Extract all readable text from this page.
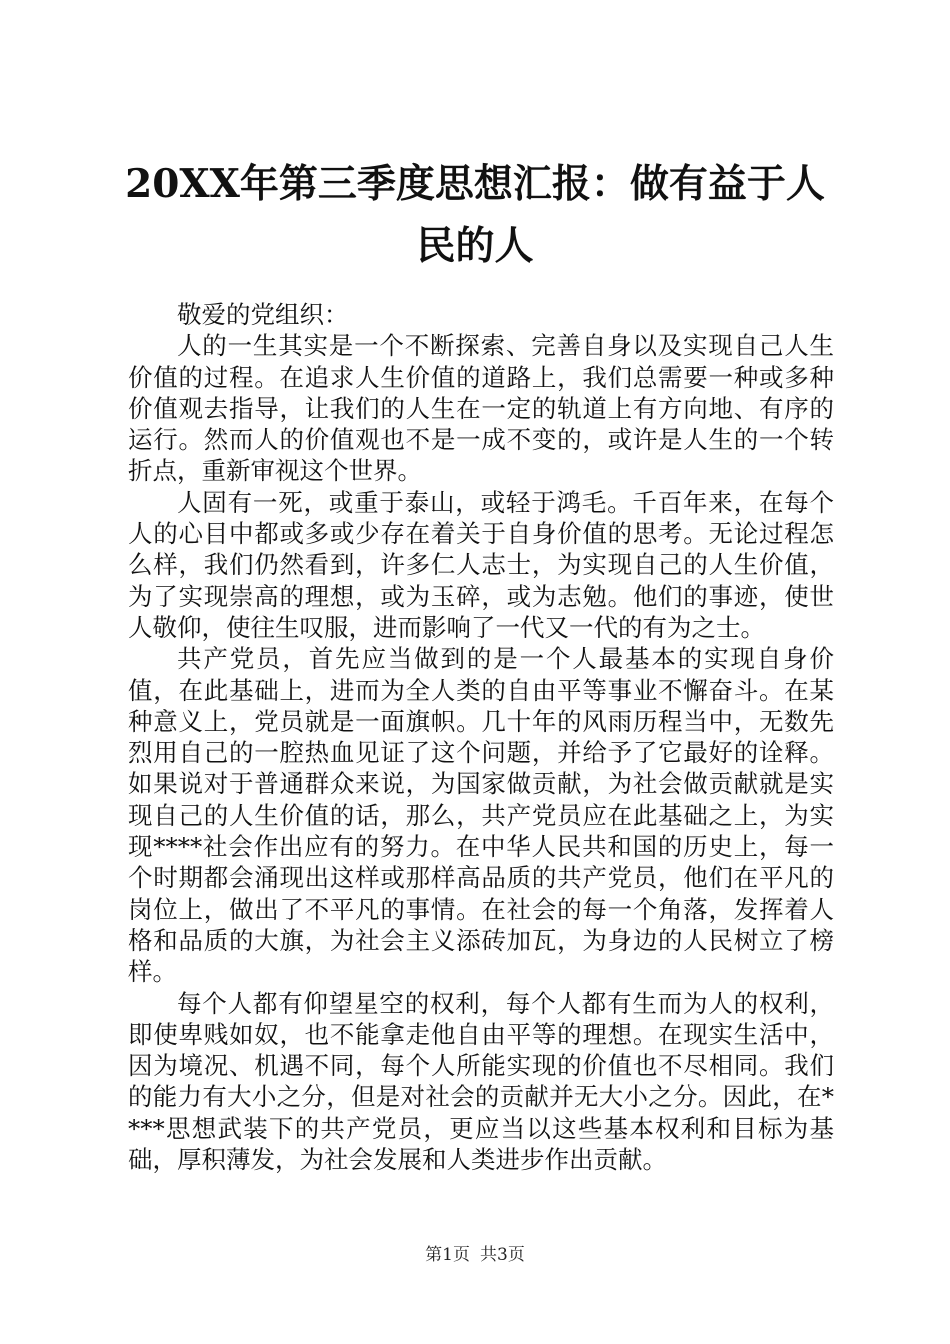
20XX年第三季度思想汇报：做有益于人民的人

敬爱的党组织：

人的一生其实是一个不断探索、完善自身以及实现自己人生价值的过程。在追求人生价值的道路上，我们总需要一种或多种价值观去指导，让我们的人生在一定的轨道上有方向地、有序的运行。然而人的价值观也不是一成不变的，或许是人生的一个转折点，重新审视这个世界。

人固有一死，或重于泰山，或轻于鸿毛。千百年来，在每个人的心目中都或多或少存在着关于自身价值的思考。无论过程怎么样，我们仍然看到，许多仁人志士，为实现自己的人生价值，为了实现崇高的理想，或为玉碎，或为志勉。他们的事迹，使世人敬仰，使往生叹服，进而影响了一代又一代的有为之士。

共产党员，首先应当做到的是一个人最基本的实现自身价值，在此基础上，进而为全人类的自由平等事业不懈奋斗。在某种意义上，党员就是一面旗帜。几十年的风雨历程当中，无数先烈用自己的一腔热血见证了这个问题，并给予了它最好的诠释。如果说对于普通群众来说，为国家做贡献，为社会做贡献就是实现自己的人生价值的话，那么，共产党员应在此基础之上，为实现****社会作出应有的努力。在中华人民共和国的历史上，每一个时期都会涌现出这样或那样高品质的共产党员，他们在平凡的岗位上，做出了不平凡的事情。在社会的每一个角落，发挥着人格和品质的大旗，为社会主义添砖加瓦，为身边的人民树立了榜样。

每个人都有仰望星空的权利，每个人都有生而为人的权利，即使卑贱如奴，也不能拿走他自由平等的理想。在现实生活中，因为境况、机遇不同，每个人所能实现的价值也不尽相同。我们的能力有大小之分，但是对社会的贡献并无大小之分。因此，在****思想武装下的共产党员，更应当以这些基本权利和目标为基础，厚积薄发，为社会发展和人类进步作出贡献。

第1页 共3页
